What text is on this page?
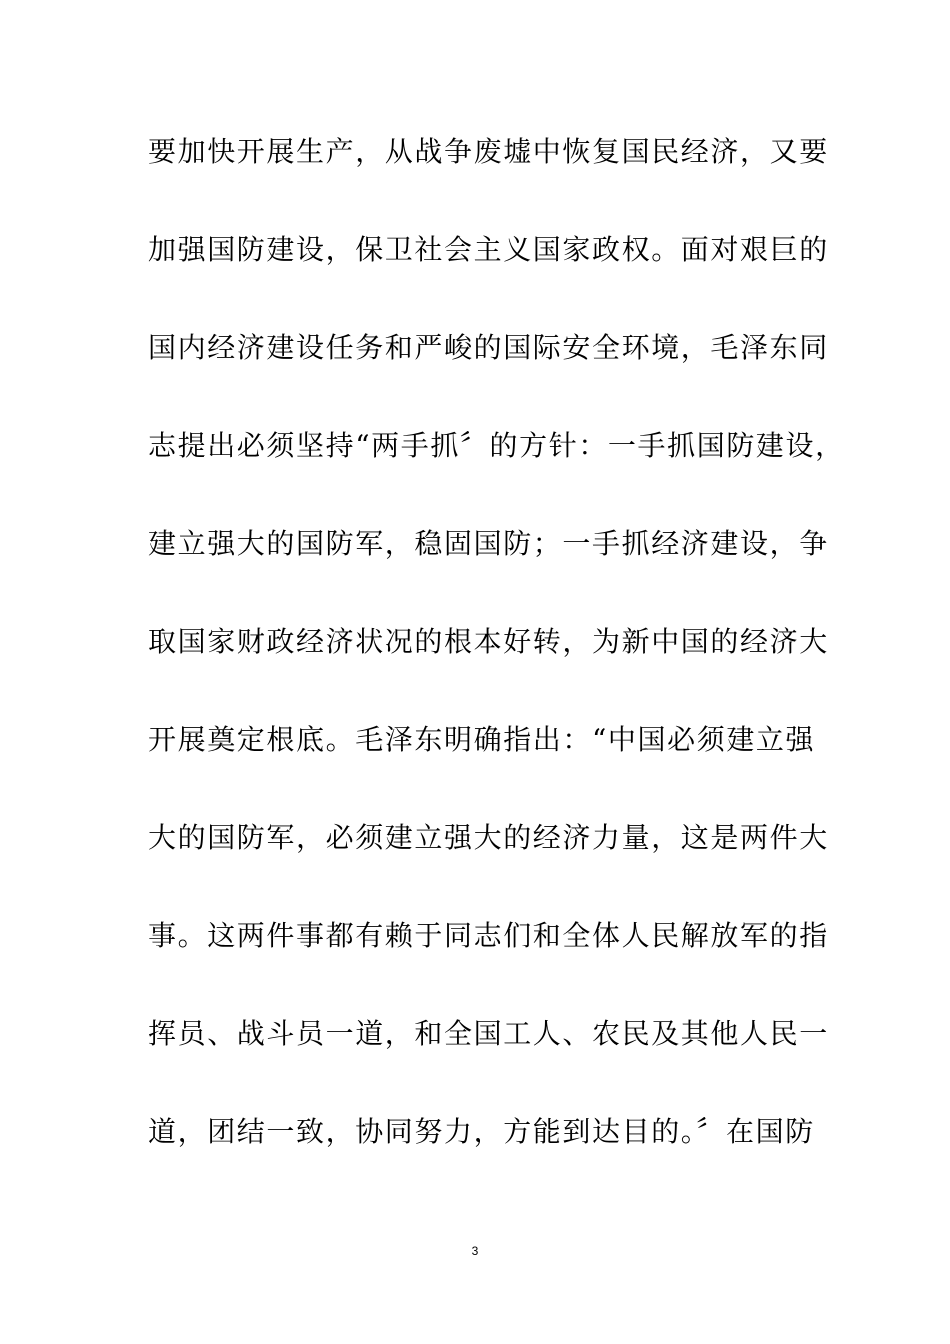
要加快开展生产，从战争废墟中恢复国民经济，又要
加强国防建设，保卫社会主义国家政权。面对艰巨的
国内经济建设任务和严峻的国际安全环境，毛泽东同
志提出必须坚持“两手抓〞的方针：一手抓国防建设，
建立强大的国防军，稳固国防；一手抓经济建设，争
取国家财政经济状况的根本好转，为新中国的经济大
开展奠定根底。毛泽东明确指出：“中国必须建立强
大的国防军，必须建立强大的经济力量，这是两件大
事。这两件事都有赖于同志们和全体人民解放军的指
挥员、战斗员一道，和全国工人、农民及其他人民一
道，团结一致，协同努力，方能到达目的。〞在国防
3
